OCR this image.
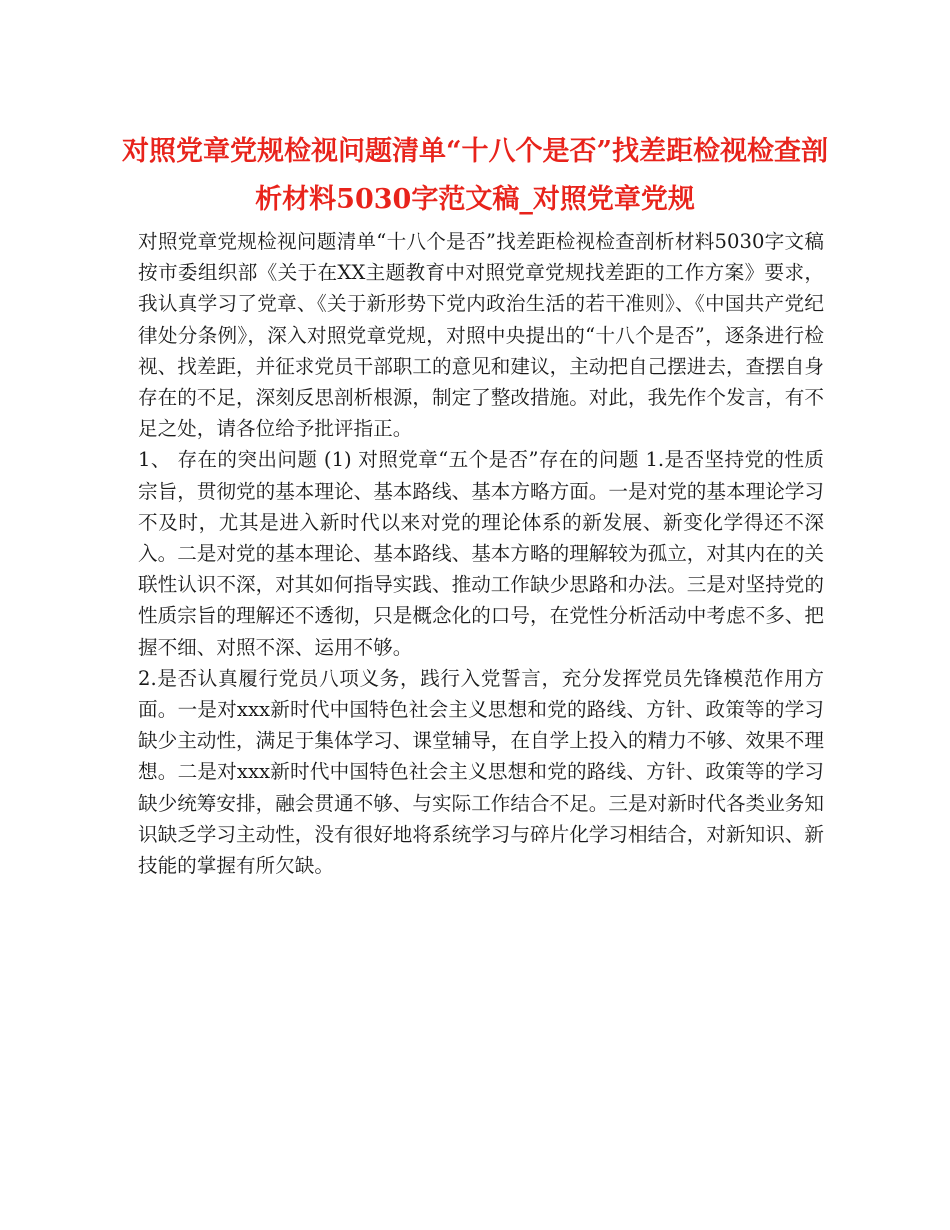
对照党章党规检视问题清单“十八个是否”找差距检视检查剖析材料5030字范文稿_对照党章党规

对照党章党规检视问题清单“十八个是否”找差距检视检查剖析材料5030字文稿 按市委组织部《关于在XX主题教育中对照党章党规找差距的工作方案》要求，我认真学习了党章、《关于新形势下党内政治生活的若干准则》、《中国共产党纪律处分条例》，深入对照党章党规，对照中央提出的“十八个是否”，逐条进行检视、找差距，并征求党员干部职工的意见和建议，主动把自己摆进去，查摆自身存在的不足，深刻反思剖析根源，制定了整改措施。对此，我先作个发言，有不足之处，请各位给予批评指正。

1、 存在的突出问题 (1) 对照党章“五个是否”存在的问题 1.是否坚持党的性质宗旨，贯彻党的基本理论、基本路线、基本方略方面。一是对党的基本理论学习不及时，尤其是进入新时代以来对党的理论体系的新发展、新变化学得还不深入。二是对党的基本理论、基本路线、基本方略的理解较为孤立，对其内在的关联性认识不深，对其如何指导实践、推动工作缺少思路和办法。三是对坚持党的性质宗旨的理解还不透彻，只是概念化的口号，在党性分析活动中考虑不多、把握不细、对照不深、运用不够。

2.是否认真履行党员八项义务，践行入党誓言，充分发挥党员先锋模范作用方面。一是对xxx新时代中国特色社会主义思想和党的路线、方针、政策等的学习缺少主动性，满足于集体学习、课堂辅导，在自学上投入的精力不够、效果不理想。二是对xxx新时代中国特色社会主义思想和党的路线、方针、政策等的学习缺少统筹安排，融会贯通不够、与实际工作结合不足。三是对新时代各类业务知识缺乏学习主动性，没有很好地将系统学习与碎片化学习相结合，对新知识、新技能的掌握有所欠缺。
